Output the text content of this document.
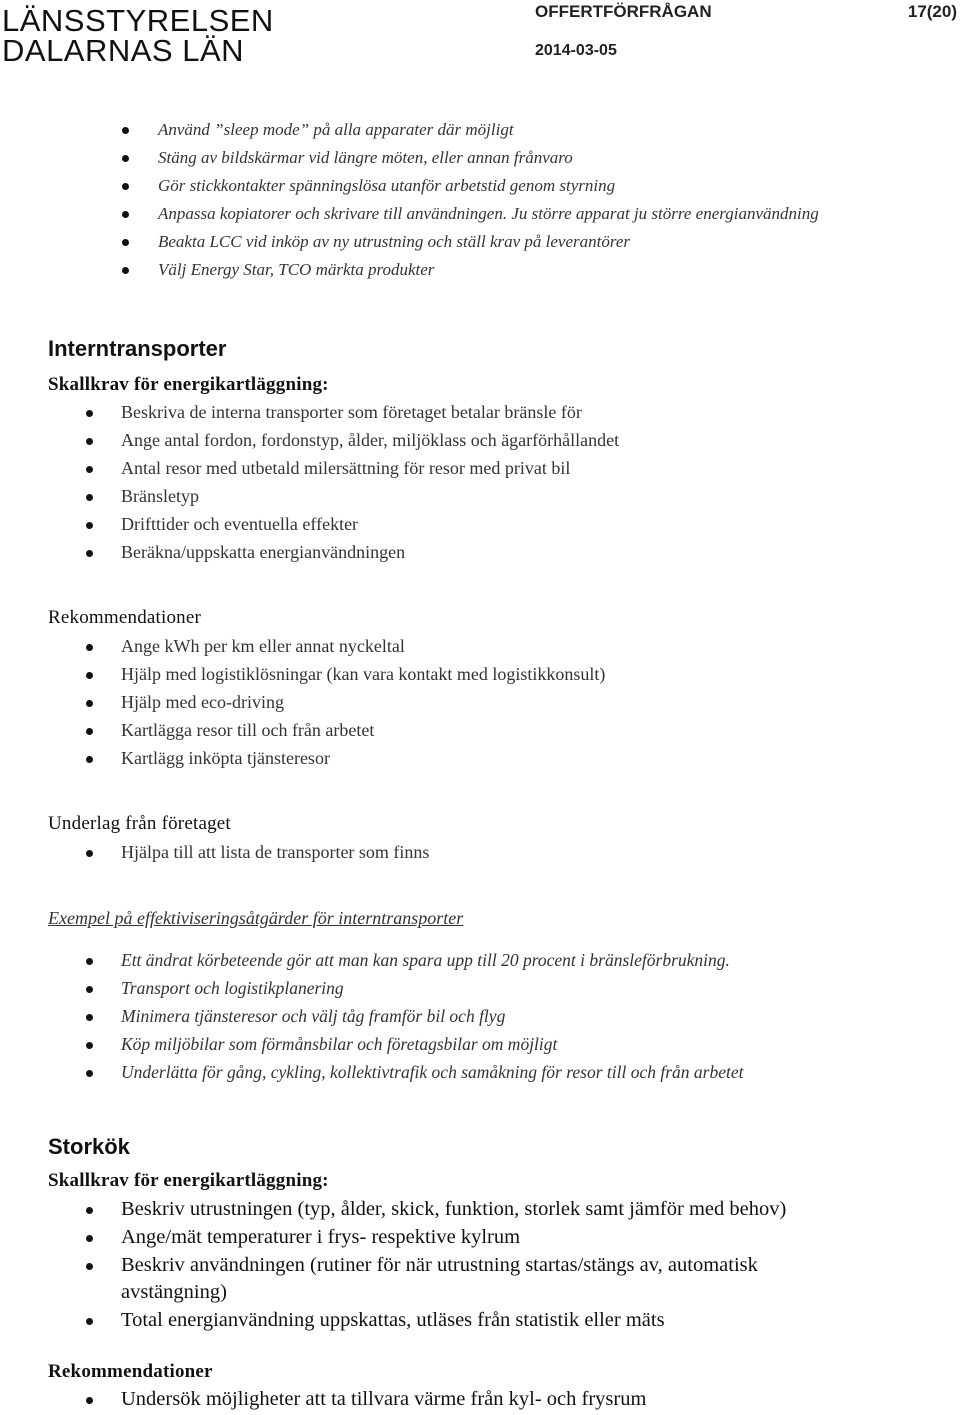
LÄNSSTYRELSEN
DALARNAS LÄN
OFFERTFÖRFRÅGAN	17(20)
2014-03-05
Använd ”sleep mode” på alla apparater där möjligt
Stäng av bildskärmar vid längre möten, eller annan frånvaro
Gör stickkontakter spänningslösa utanför arbetstid genom styrning
Anpassa kopiatorer och skrivare till användningen. Ju större apparat ju större energianvändning
Beakta LCC vid inköp av ny utrustning och ställ krav på leverantörer
Välj Energy Star, TCO märkta produkter
Interntransporter
Skallkrav för energikartläggning:
Beskriva de interna transporter som företaget betalar bränsle för
Ange antal fordon, fordonstyp, ålder, miljöklass och ägarförhållandet
Antal resor med utbetald milersättning för resor med privat bil
Bränsletyp
Drifttider och eventuella effekter
Beräkna/uppskatta energianvändningen
Rekommendationer
Ange kWh per km eller annat nyckeltal
Hjälp med logistiklösningar (kan vara kontakt med logistikkonsult)
Hjälp med eco-driving
Kartlägga resor till och från arbetet
Kartlägg inköpta tjänsteresor
Underlag från företaget
Hjälpa till att lista de transporter som finns
Exempel på effektiviseringsåtgärder för interntransporter
Ett ändrat körbeteende gör att man kan spara upp till 20 procent i bränsleförbrukning.
Transport och logistikplanering
Minimera tjänsteresor och välj tåg framför bil och flyg
Köp miljöbilar som förmånsbilar och företagsbilar om möjligt
Underlätta för gång, cykling, kollektivtrafik och samåkning för resor till och från arbetet
Storkök
Skallkrav för energikartläggning:
Beskriv utrustningen (typ, ålder, skick, funktion, storlek samt jämför med behov)
Ange/mät temperaturer i frys- respektive kylrum
Beskriv användningen (rutiner för när utrustning startas/stängs av, automatisk
avstängning)
Total energianvändning uppskattas, utläses från statistik eller mäts
Rekommendationer
Undersök möjligheter att ta tillvara värme från kyl- och frysrum
